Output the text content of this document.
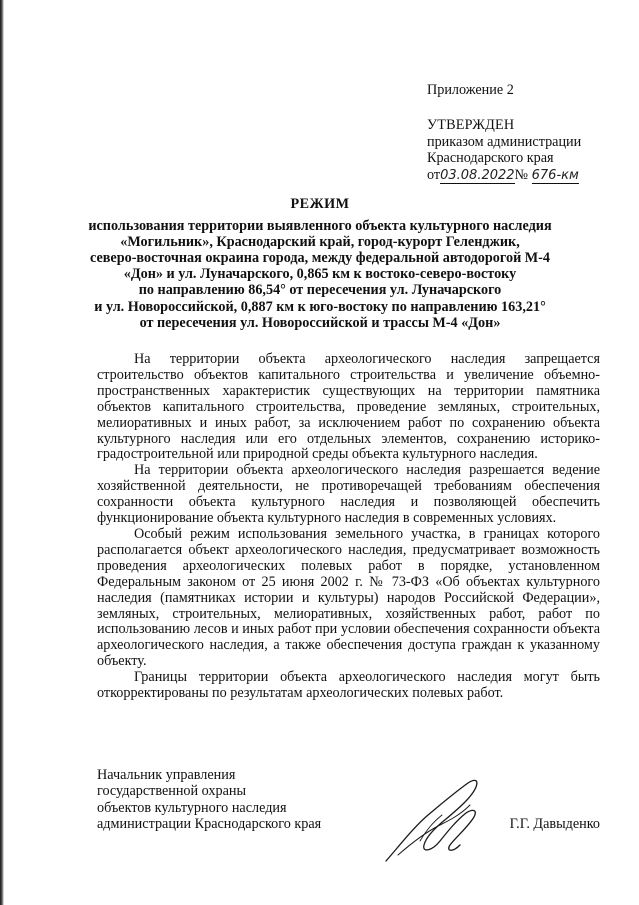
Приложение 2
УТВЕРЖДЕН
приказом администрации
Краснодарского края
от03.08.2022№ 676-км
РЕЖИМ
использования территории выявленного объекта культурного наследия
«Могильник», Краснодарский край, город-курорт Геленджик,
северо-восточная окраина города, между федеральной автодорогой М-4
«Дон» и ул. Луначарского, 0,865 км к востоко-северо-востоку
по направлению 86,54° от пересечения ул. Луначарского
и ул. Новороссийской, 0,887 км к юго-востоку по направлению 163,21°
от пересечения ул. Новороссийской и трассы М-4 «Дон»

На территории объекта археологического наследия запрещается строительство объектов капитального строительства и увеличение объемно-пространственных характеристик существующих на территории памятника объектов капитального строительства, проведение земляных, строительных, мелиоративных и иных работ, за исключением работ по сохранению объекта культурного наследия или его отдельных элементов, сохранению историко-градостроительной или природной среды объекта культурного наследия.

На территории объекта археологического наследия разрешается ведение хозяйственной деятельности, не противоречащей требованиям обеспечения сохранности объекта культурного наследия и позволяющей обеспечить функционирование объекта культурного наследия в современных условиях.

Особый режим использования земельного участка, в границах которого располагается объект археологического наследия, предусматривает возможность проведения археологических полевых работ в порядке, установленном Федеральным законом от 25 июня 2002 г. № 73-ФЗ «Об объектах культурного наследия (памятниках истории и культуры) народов Российской Федерации», земляных, строительных, мелиоративных, хозяйственных работ, работ по использованию лесов и иных работ при условии обеспечения сохранности объекта археологического наследия, а также обеспечения доступа граждан к указанному объекту.

Границы территории объекта археологического наследия могут быть откорректированы по результатам археологических полевых работ.

Начальник управления
государственной охраны
объектов культурного наследия
администрации Краснодарского края	Г.Г. Давыденко
